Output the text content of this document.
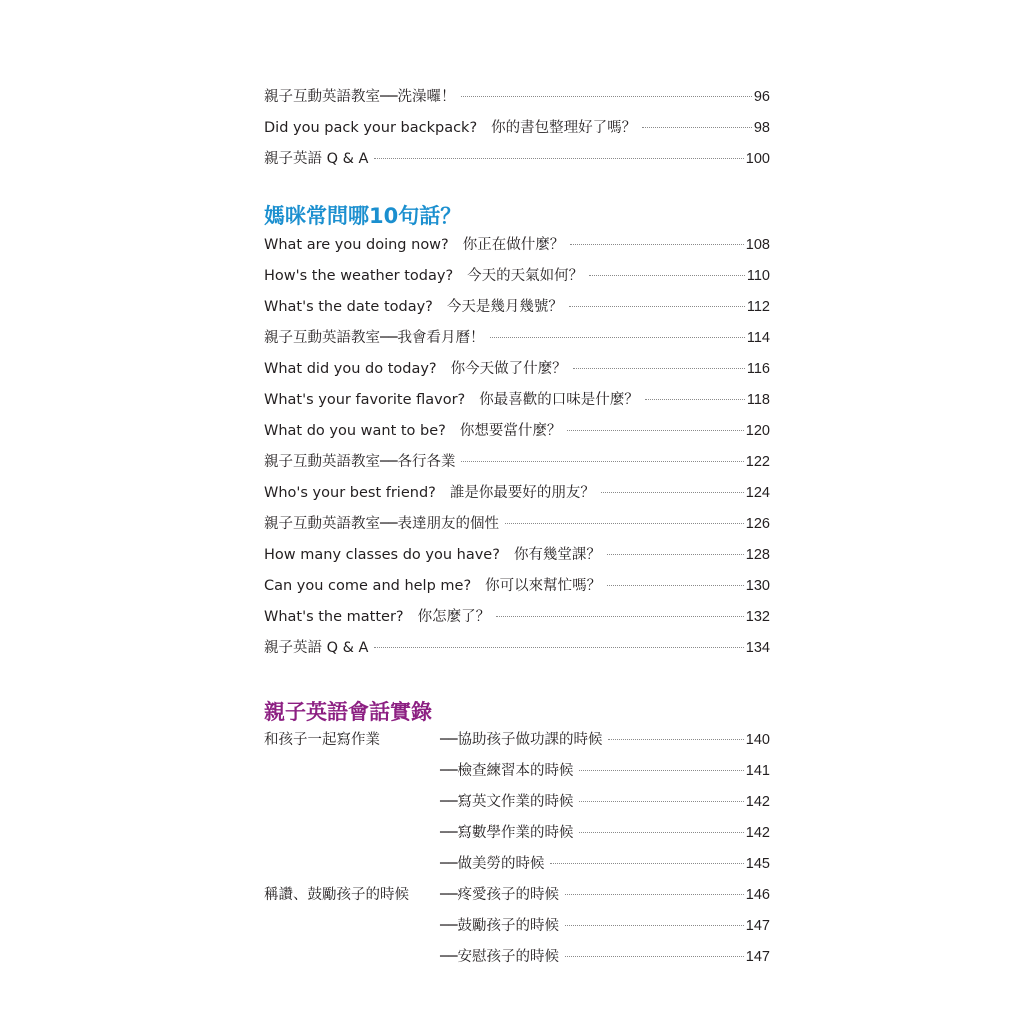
親子互動英語教室──洗澡囉！	96
Did you pack your backpack? 你的書包整理好了嗎？	98
親子英語 Q & A	100
媽咪常問哪10句話？
What are you doing now? 你正在做什麼？	108
How's the weather today? 今天的天氣如何？	110
What's the date today? 今天是幾月幾號？	112
親子互動英語教室──我會看月曆！	114
What did you do today? 你今天做了什麼？	116
What's your favorite flavor? 你最喜歡的口味是什麼？	118
What do you want to be? 你想要當什麼？	120
親子互動英語教室──各行各業	122
Who's your best friend? 誰是你最要好的朋友？	124
親子互動英語教室──表達朋友的個性	126
How many classes do you have? 你有幾堂課？	128
Can you come and help me? 你可以來幫忙嗎？	130
What's the matter? 你怎麼了？	132
親子英語 Q & A	134
親子英語會話實錄
和孩子一起寫作業	──協助孩子做功課的時候	140
──檢查練習本的時候	141
──寫英文作業的時候	142
──寫數學作業的時候	142
──做美勞的時候	145
稱讚、鼓勵孩子的時候	──疼愛孩子的時候	146
──鼓勵孩子的時候	147
──安慰孩子的時候	147
